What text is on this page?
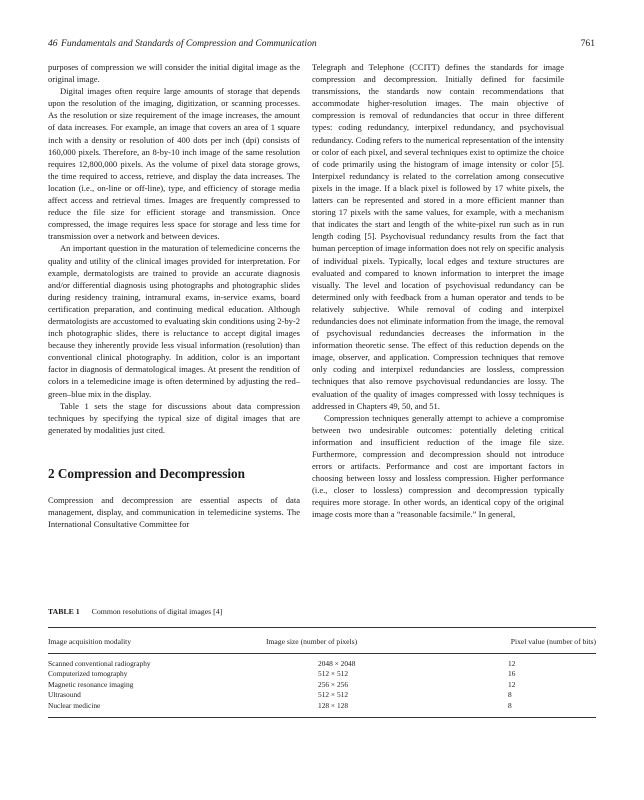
46 Fundamentals and Standards of Compression and Communication	761

purposes of compression we will consider the initial digital image as the original image.

Digital images often require large amounts of storage that depends upon the resolution of the imaging, digitization, or scanning processes. As the resolution or size requirement of the image increases, the amount of data increases. For example, an image that covers an area of 1 square inch with a density or resolution of 400 dots per inch (dpi) consists of 160,000 pixels. Therefore, an 8-by-10 inch image of the same resolution requires 12,800,000 pixels. As the volume of pixel data storage grows, the time required to access, retrieve, and display the data increases. The location (i.e., on-line or off-line), type, and efficiency of storage media affect access and retrieval times. Images are frequently compressed to reduce the file size for efficient storage and transmission. Once compressed, the image requires less space for storage and less time for transmission over a network and between devices.

An important question in the maturation of telemedicine concerns the quality and utility of the clinical images provided for interpretation. For example, dermatologists are trained to provide an accurate diagnosis and/or differential diagnosis using photographs and photographic slides during residency training, intramural exams, in-service exams, board certification preparation, and continuing medical education. Although dermatologists are accustomed to evaluating skin conditions using 2-by-2 inch photographic slides, there is reluctance to accept digital images because they inherently provide less visual information (resolution) than conventional clinical photography. In addition, color is an important factor in diagnosis of dermatological images. At present the rendition of colors in a telemedicine image is often determined by adjusting the red–green–blue mix in the display.

Table 1 sets the stage for discussions about data compression techniques by specifying the typical size of digital images that are generated by modalities just cited.

2 Compression and Decompression

Compression and decompression are essential aspects of data management, display, and communication in telemedicine systems. The International Consultative Committee for

Telegraph and Telephone (CCITT) defines the standards for image compression and decompression. Initially defined for facsimile transmissions, the standards now contain recommendations that accommodate higher-resolution images. The main objective of compression is removal of redundancies that occur in three different types: coding redundancy, interpixel redundancy, and psychovisual redundancy. Coding refers to the numerical representation of the intensity or color of each pixel, and several techniques exist to optimize the choice of code primarily using the histogram of image intensity or color [5]. Interpixel redundancy is related to the correlation among consecutive pixels in the image. If a black pixel is followed by 17 white pixels, the latters can be represented and stored in a more efficient manner than storing 17 pixels with the same values, for example, with a mechanism that indicates the start and length of the white-pixel run such as in run length coding [5]. Psychovisual redundancy results from the fact that human perception of image information does not rely on specific analysis of individual pixels. Typically, local edges and texture structures are evaluated and compared to known information to interpret the image visually. The level and location of psychovisual redundancy can be determined only with feedback from a human operator and tends to be relatively subjective. While removal of coding and interpixel redundancies does not eliminate information from the image, the removal of psychovisual redundancies decreases the information in the information theoretic sense. The effect of this reduction depends on the image, observer, and application. Compression techniques that remove only coding and interpixel redundancies are lossless, compression techniques that also remove psychovisual redundancies are lossy. The evaluation of the quality of images compressed with lossy techniques is addressed in Chapters 49, 50, and 51.

Compression techniques generally attempt to achieve a compromise between two undesirable outcomes: potentially deleting critical information and insufficient reduction of the image file size. Furthermore, compression and decompression should not introduce errors or artifacts. Performance and cost are important factors in choosing between lossy and lossless compression. Higher performance (i.e., closer to lossless) compression and decompression typically requires more storage. In other words, an identical copy of the original image costs more than a “reasonable facsimile.” In general,

TABLE 1 Common resolutions of digital images [4]
Image acquisition modality	Image size (number of pixels)	Pixel value (number of bits)
Scanned conventional radiography	2048 × 2048	12
Computerized tomography	512 × 512	16
Magnetic resonance imaging	256 × 256	12
Ultrasound	512 × 512	8
Nuclear medicine	128 × 128	8
